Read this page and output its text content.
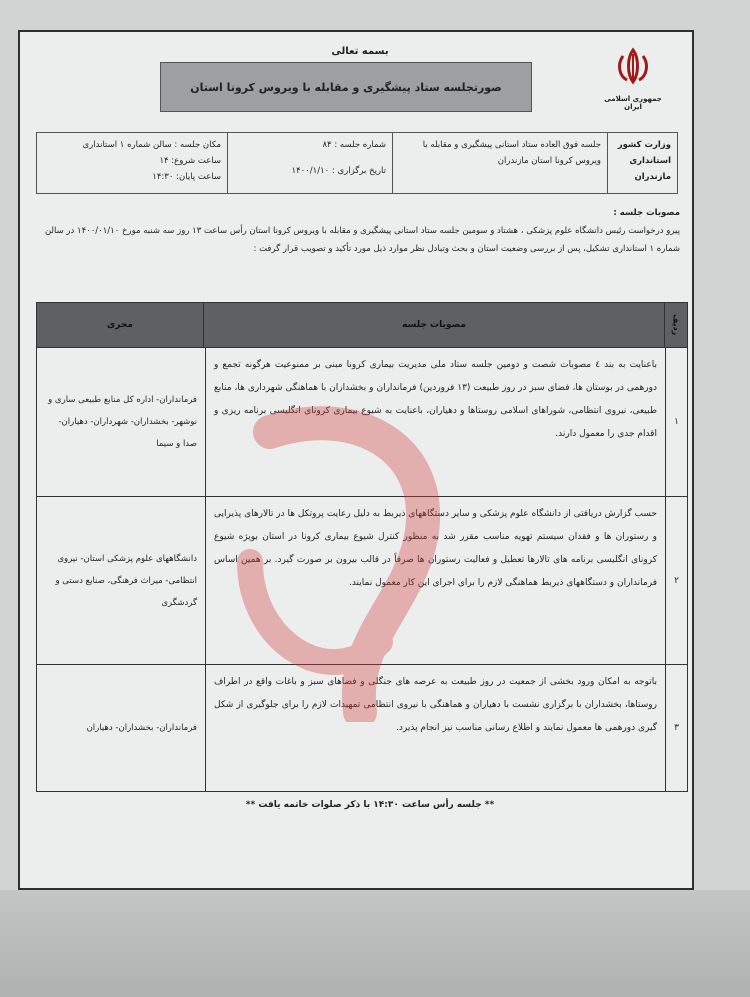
بسمه تعالی
صورتجلسه ستاد پیشگیری و مقابله با ویروس کرونا استان
جمهوری اسلامی ایران
وزارت کشور
استانداری مازندران
جلسه فوق العاده ستاد استانی پیشگیری و مقابله با ویروس کرونا استان مازندران
شماره جلسه : ۸۴
تاریخ برگزاری : ۱۴۰۰/۱/۱۰
مکان جلسه : سالن شماره ۱ استانداری
ساعت شروع: ۱۴
ساعت پایان: ۱۴:۳۰
مصوبات جلسه :
پیرو درخواست رئیس دانشگاه علوم پزشکی ، هشتاد و سومین جلسه ستاد استانی پیشگیری و مقابله با ویروس کرونا استان رأس ساعت ۱۳ روز سه شنبه مورخ ۱۴۰۰/۰۱/۱۰ در سالن شماره ۱ استانداری تشکیل، پس از بررسی وضعیت استان و بحث وتبادل نظر موارد ذیل مورد تأکید و تصویب قرار گرفت :
ردیف
مصوبات جلسه
مجری
۱
باعنایت به بند ٤ مصوبات شصت و دومین جلسه ستاد ملی مدیریت بیماری کرونا مبنی بر ممنوعیت هرگونه تجمع و دورهمی در بوستان ها، فضای سبز در روز طبیعت (۱۳ فروردین) فرمانداران و بخشداران با هماهنگی شهرداری ها، منابع طبیعی، نیروی انتظامی، شوراهای اسلامی روستاها و دهیاران، باعنایت به شیوع بیماری کرونای انگلیسی برنامه ریزی و اقدام جدی را معمول دارند.
فرمانداران- اداره کل منابع طبیعی ساری و نوشهر- بخشداران- شهرداران- دهیاران- صدا و سیما
۲
حسب گزارش دریافتی از دانشگاه علوم پزشکی و سایر دستگاههای ذیربط به دلیل رعایت پروتکل ها در تالارهای پذیرایی و رستوران ها و فقدان سیستم تهویه مناسب مقرر شد به منظور کنترل شیوع بیماری کرونا در استان بویژه شیوع کرونای انگلیسی برنامه های تالارها تعطیل و فعالیت رستوران ها صرفاً در قالب بیرون بر صورت گیرد. بر همین اساس فرمانداران و دستگاههای ذیربط هماهنگی لازم را برای اجرای این کار معمول نمایند.
دانشگاههای علوم پزشکی استان- نیروی انتظامی- میراث فرهنگی، صنایع دستی و گردشگری
۳
باتوجه به امکان ورود بخشی از جمعیت در روز طبیعت به عرصه های جنگلی و فضاهای سبز و باغات واقع در اطراف روستاها، بخشداران با برگزاری نشست با دهیاران و هماهنگی با نیروی انتظامی تمهیدات لازم را برای جلوگیری از شکل گیری دورهمی ها معمول نمایند و اطلاع رسانی مناسب نیز انجام پذیرد.
فرمانداران- بخشداران- دهیاران
** جلسه رأس ساعت ۱۴:۳۰ با ذکر صلوات خاتمه یافت **
